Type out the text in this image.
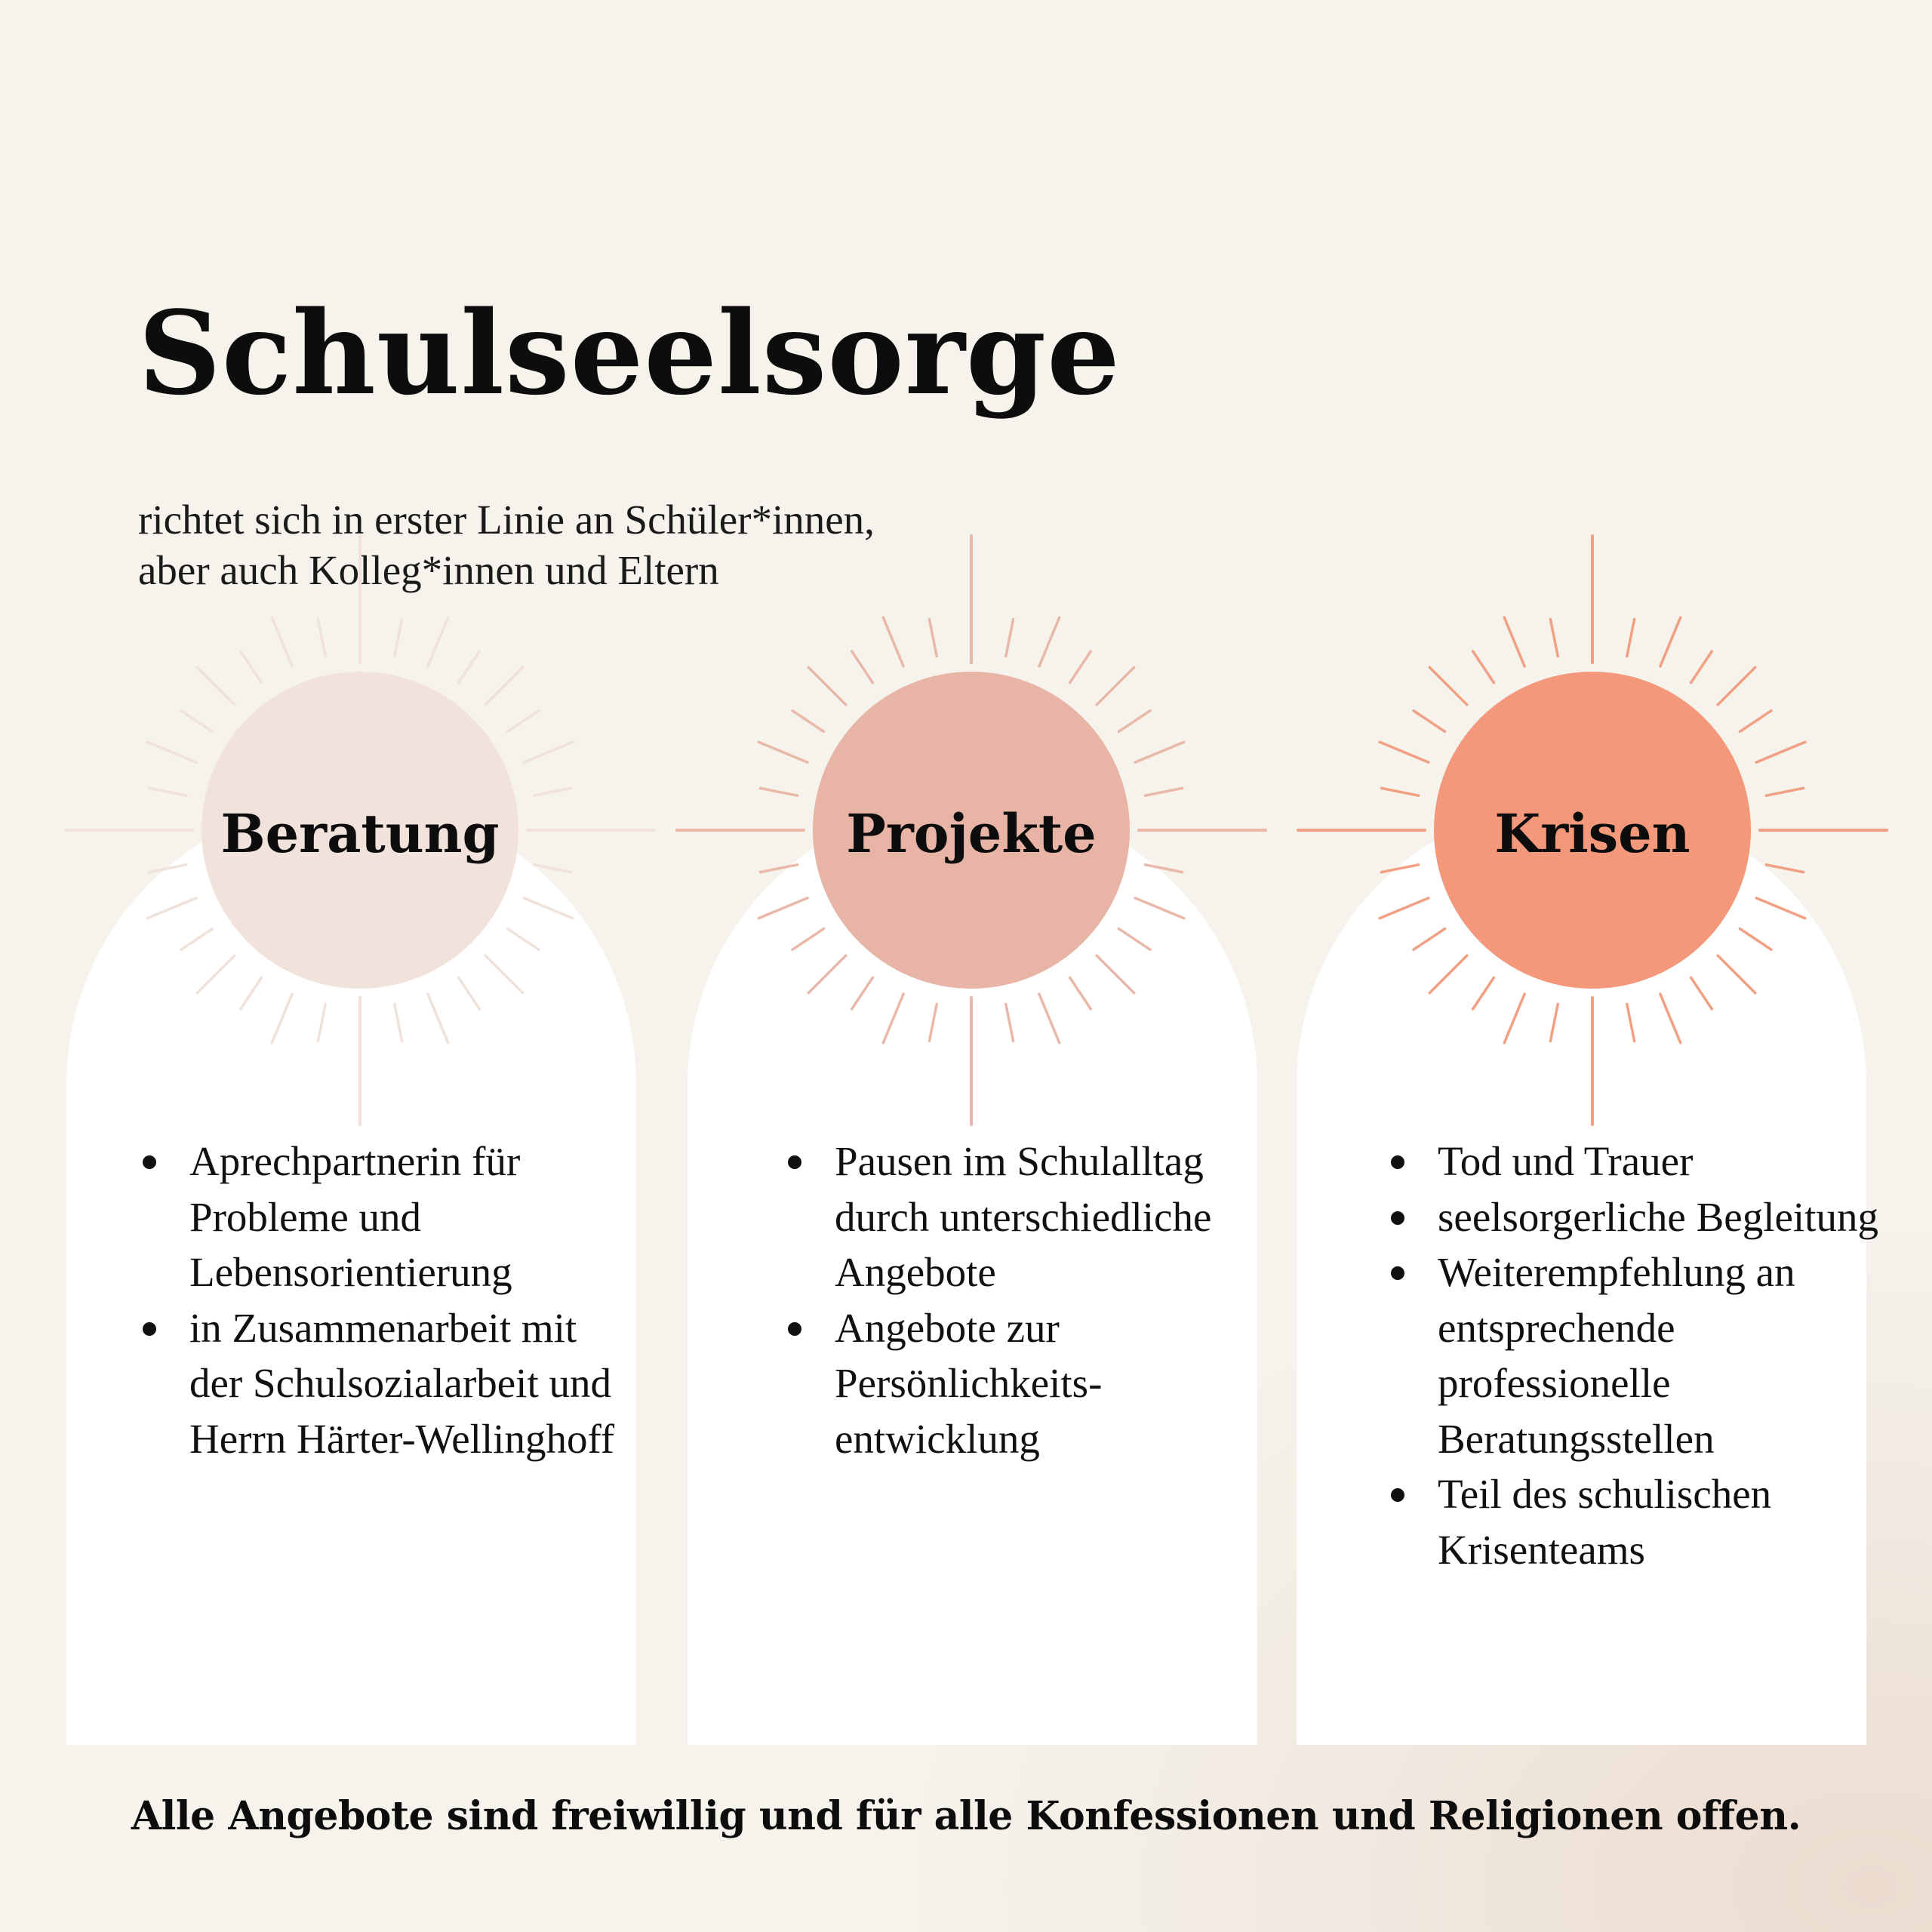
Schulseelsorge
richtet sich in erster Linie an Schüler*innen,
aber auch Kolleg*innen und Eltern
Beratung	Projekte	Krisen
Aprechpartnerin für Probleme und Lebensorientierung
in Zusammenarbeit mit der Schulsozialarbeit und Herrn Härter-Wellinghoff
Pausen im Schulalltag durch unterschiedliche Angebote
Angebote zur Persönlichkeits-entwicklung
Tod und Trauer
seelsorgerliche Begleitung
Weiterempfehlung an entsprechende professionelle Beratungsstellen
Teil des schulischen Krisenteams
Alle Angebote sind freiwillig und für alle Konfessionen und Religionen offen.
